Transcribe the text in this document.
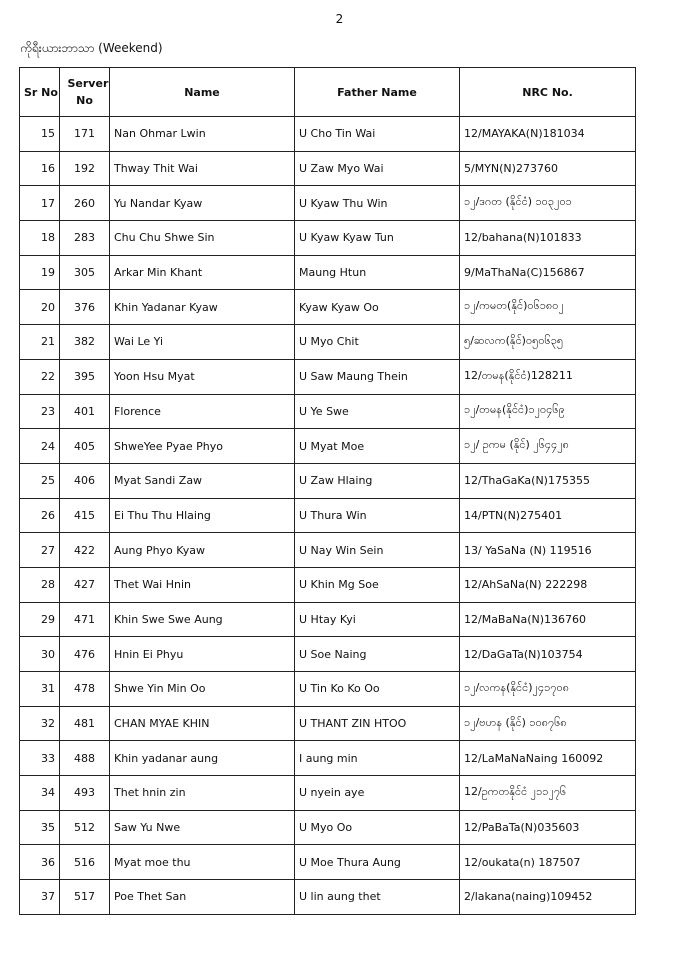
2
ကိုရီးယားဘာသာ (Weekend)
Sr No	Server No	Name	Father Name	NRC No.
15	171	Nan Ohmar Lwin	U Cho Tin Wai	12/MAYAKA(N)181034
16	192	Thway Thit Wai	U Zaw Myo Wai	5/MYN(N)273760
17	260	Yu Nandar Kyaw	U Kyaw Thu Win	၁၂/ဒဂတ (နိုင်ငံ) ၁၀၃၂၀၁
18	283	Chu Chu Shwe Sin	U Kyaw Kyaw Tun	12/bahana(N)101833
19	305	Arkar Min Khant	Maung Htun	9/MaThaNa(C)156867
20	376	Khin Yadanar Kyaw	Kyaw Kyaw Oo	၁၂/ကမတ(နိုင်)၀၆၁၈၀၂
21	382	Wai Le Yi	U Myo Chit	၅/ဆလက(နိုင်)၀၅၀၆၃၅
22	395	Yoon Hsu Myat	U Saw Maung Thein	12/တမန(နိုင်ငံ)128211
23	401	Florence	U Ye Swe	၁၂/တမန(နိုင်ငံ)၁၂၀၄၆၉
24	405	ShweYee Pyae Phyo	U Myat Moe	၁၂/ ဥကမ (နိုင်) ၂၆၄၄၂၈
25	406	Myat Sandi Zaw	U Zaw Hlaing	12/ThaGaKa(N)175355
26	415	Ei Thu Thu Hlaing	U Thura Win	14/PTN(N)275401
27	422	Aung Phyo Kyaw	U Nay Win Sein	13/ YaSaNa (N) 119516
28	427	Thet Wai Hnin	U Khin Mg Soe	12/AhSaNa(N) 222298
29	471	Khin Swe Swe Aung	U Htay Kyi	12/MaBaNa(N)136760
30	476	Hnin Ei Phyu	U Soe Naing	12/DaGaTa(N)103754
31	478	Shwe Yin Min Oo	U Tin Ko Ko Oo	၁၂/လကန(နိုင်ငံ)၂၄၁၇၀၈
32	481	CHAN MYAE KHIN	U THANT ZIN HTOO	၁၂/ဗဟန (နိုင်) ၁၀၈၇၆၈
33	488	Khin yadanar aung	I aung min	12/LaMaNaNaing 160092
34	493	Thet hnin zin	U nyein aye	12/ဥကတနိုင်ငံ ၂၁၁၂၇၆
35	512	Saw Yu Nwe	U Myo Oo	12/PaBaTa(N)035603
36	516	Myat moe thu	U Moe Thura Aung	12/oukata(n) 187507
37	517	Poe Thet San	U lin aung thet	2/lakana(naing)109452
